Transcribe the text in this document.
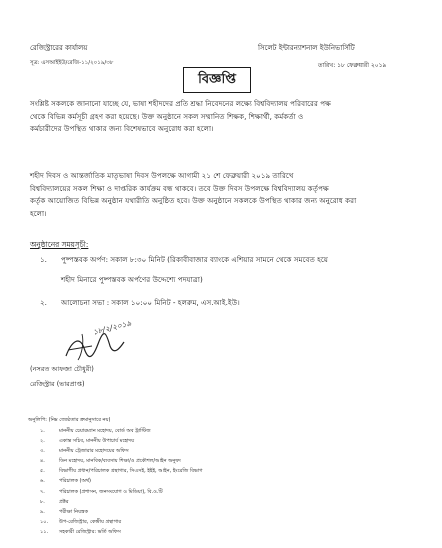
রেজিস্ট্রারের কার্যালয়	সিলেট ইন্টারন্যাশনাল ইউনিভার্সিটি
সূত্র: এসআইইউ/রেজি-১১/২০১৯/৩৮	তারিখ: ১৮ ফেব্রুয়ারী ২০১৯
বিজ্ঞপ্তি
সংশ্লিষ্ট সকলকে জানানো যাচ্ছে যে, ভাষা শহীদদের প্রতি শ্রদ্ধা নিবেদনের লক্ষ্যে বিশ্ববিদ্যালয় পরিবারের পক্ষ
থেকে বিভিন্ন কর্মসূচী গ্রহণ করা হয়েছে। উক্ত অনুষ্ঠানে সকল সম্মানিত শিক্ষক, শিক্ষার্থী, কর্মকর্তা ও
কর্মচারীদের উপস্থিত থাকার জন্য বিশেষভাবে অনুরোধ করা হলো।
শহীদ দিবস ও আন্তর্জাতিক মাতৃভাষা দিবস উপলক্ষে আগামী ২১ শে ফেব্রুয়ারী ২০১৯ তারিখে
বিশ্ববিদ্যালয়ের সকল শিক্ষা ও দাপ্তরিক কার্যক্রম বন্ধ থাকবে। তবে উক্ত দিবস উপলক্ষে বিশ্ববিদ্যালয় কর্তৃপক্ষ
কর্তৃক আয়োজিত বিভিন্ন অনুষ্ঠান যথারীতি অনুষ্ঠিত হবে। উক্ত অনুষ্ঠানে সকলকে উপস্থিত থাকার জন্য অনুরোধ করা
হলো।
অনুষ্ঠানের সময়সূচী:
১. পুষ্পস্তবক অর্পণ: সকাল ৮:৩০ মিনিট (রিকাবীবাজার ব্যাংকে এশিয়ার সামনে থেকে সমবেত হয়ে
শহীদ মিনারে পুষ্পস্তবক অর্পণের উদ্দেশ্যে পদযাত্রা)
২. আলোচনা সভা : সকাল ১০:০০ মিনিট - হলরুম, এস.আই.ইউ।
১৮/২/২০১৯
(নসরত আফজা চৌধুরী)
রেজিস্ট্রার (ভারপ্রাপ্ত)
অনুলিপি: (নিম্ন জ্যেষ্ঠতার ক্রমানুসারে নয়)
১.	মাননীয় চেয়ারম্যান মহোদয়, বোর্ড অব ট্রাস্টিজ
২.	একান্ত সচিব, মাননীয় উপাচার্য মহোদয়
৩.	মাননীয় ট্রেজারার মহোদয়ের অফিস
৪.	ডিন মহোদয়, মানবিক/ব্যবসায় শিক্ষা/ও প্রকৌশল/আইন অনুষদ
৫.	বিভাগীয় প্রধান/পরিচালক গ্রন্থাগার, সিএসই, ইইই, আইন, ইংরেজি বিভাগ
৬.	পরিচালক (অর্থ)
৭.	পরিচালক (প্রশাসন, জনসংযোগ ও মিডিয়া), বি.ও.টি
৮.	প্রক্টর
৯.	পরীক্ষা নিয়ন্ত্রক
১০.	উপ-রেজিস্ট্রার, কেন্দ্রীয় গ্রন্থাগার
১১.	সহকারী রেজিস্ট্রার: ভর্তি অফিস
